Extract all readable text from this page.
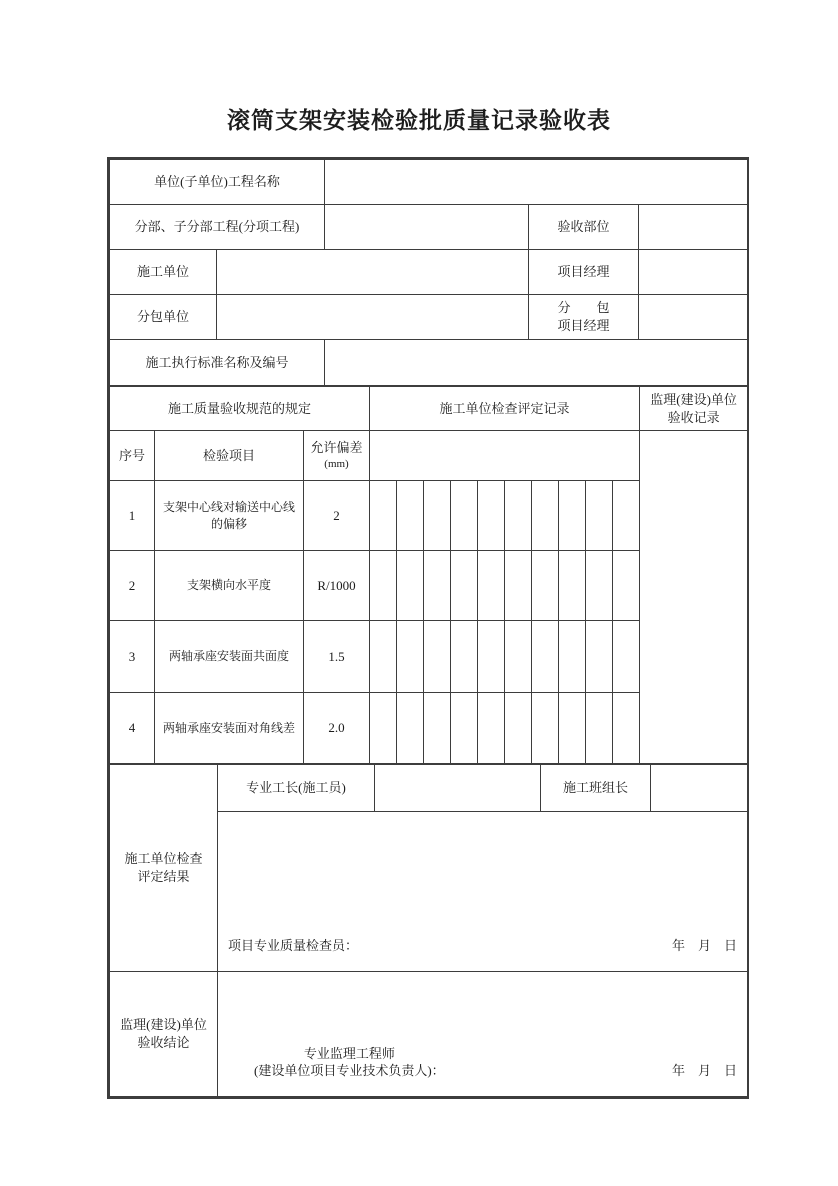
滚筒支架安装检验批质量记录验收表
单位(子单位)工程名称				
分部、子分部工程(分项工程)			验收部位	
施工单位			项目经理	
分包单位			分　　包
项目经理	

施工执行标准名称及编号				
施工质量验收规范的规定			施工单位检查评定记录										监理(建设)单位
验收记录

序号	检验项目	允许偏差
(mm)											

1	支架中心线对输送中心线的偏移	2											
2	支架横向水平度	R/1000											
3	两轴承座安装面共面度	1.5											
4	两轴承座安装面对角线差	2.0											
施工单位检查
评定结果	专业工长(施工员)		施工班组长	

	项目专业质量检查员： 年　月　日			

监理(建设)单位
验收结论

专业监理工程师
(建设单位项目专业技术负责人)：	年　月　日
